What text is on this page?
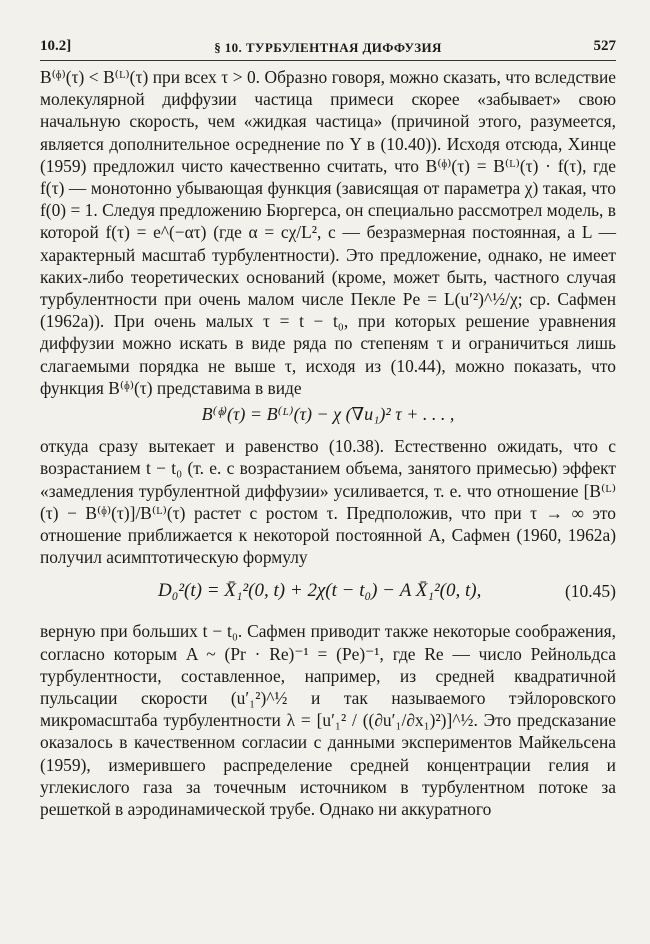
10.2]	§ 10. ТУРБУЛЕНТНАЯ ДИФФУЗИЯ	527

B⁽ᶲ⁾(τ) < B⁽ᴸ⁾(τ) при всех τ > 0. Образно говоря, можно сказать, что вследствие молекулярной диффузии частица примеси скорее «забывает» свою начальную скорость, чем «жидкая частица» (причиной этого, разумеется, является дополнительное осреднение по Y в (10.40)). Исходя отсюда, Хинце (1959) предложил чисто качественно считать, что B⁽ᶲ⁾(τ) = B⁽ᴸ⁾(τ) · f(τ), где f(τ) — монотонно убывающая функция (зависящая от параметра χ) такая, что f(0) = 1. Следуя предложению Бюргерса, он специально рассмотрел модель, в которой f(τ) = e^(−ατ) (где α = cχ/L², c — безразмерная постоянная, а L — характерный масштаб турбулентности). Это предложение, однако, не имеет каких-либо теоретических оснований (кроме, может быть, частного случая турбулентности при очень малом числе Пекле Pe = L(u′²)^½/χ; ср. Сафмен (1962а)). При очень малых τ = t − t₀, при которых решение уравнения диффузии можно искать в виде ряда по степеням τ и ограничиться лишь слагаемыми порядка не выше τ, исходя из (10.44), можно показать, что функция B⁽ᶲ⁾(τ) представима в виде

B⁽ᶲ⁾(τ) = B⁽ᴸ⁾(τ) − χ (∇u₁)² τ + . . . ,

откуда сразу вытекает и равенство (10.38). Естественно ожидать, что с возрастанием t − t₀ (т. е. с возрастанием объема, занятого примесью) эффект «замедления турбулентной диффузии» усиливается, т. е. что отношение [B⁽ᴸ⁾(τ) − B⁽ᶲ⁾(τ)]/B⁽ᴸ⁾(τ) растет с ростом τ. Предположив, что при τ → ∞ это отношение приближается к некоторой постоянной A, Сафмен (1960, 1962а) получил асимптотическую формулу

D₀²(t) = X̄₁²(0, t) + 2χ(t − t₀) − A X̄₁²(0, t),	(10.45)

верную при больших t − t₀. Сафмен приводит также некоторые соображения, согласно которым A ~ (Pr · Re)⁻¹ = (Pe)⁻¹, где Re — число Рейнольдса турбулентности, составленное, например, из средней квадратичной пульсации скорости (u′₁²)^½ и так называемого тэйлоровского микромасштаба турбулентности λ = [u′₁² / ((∂u′₁/∂x₁)²)]^½. Это предсказание оказалось в качественном согласии с данными экспериментов Майкельсена (1959), измерившего распределение средней концентрации гелия и углекислого газа за точечным источником в турбулентном потоке за решеткой в аэродинамической трубе. Однако ни аккуратного
